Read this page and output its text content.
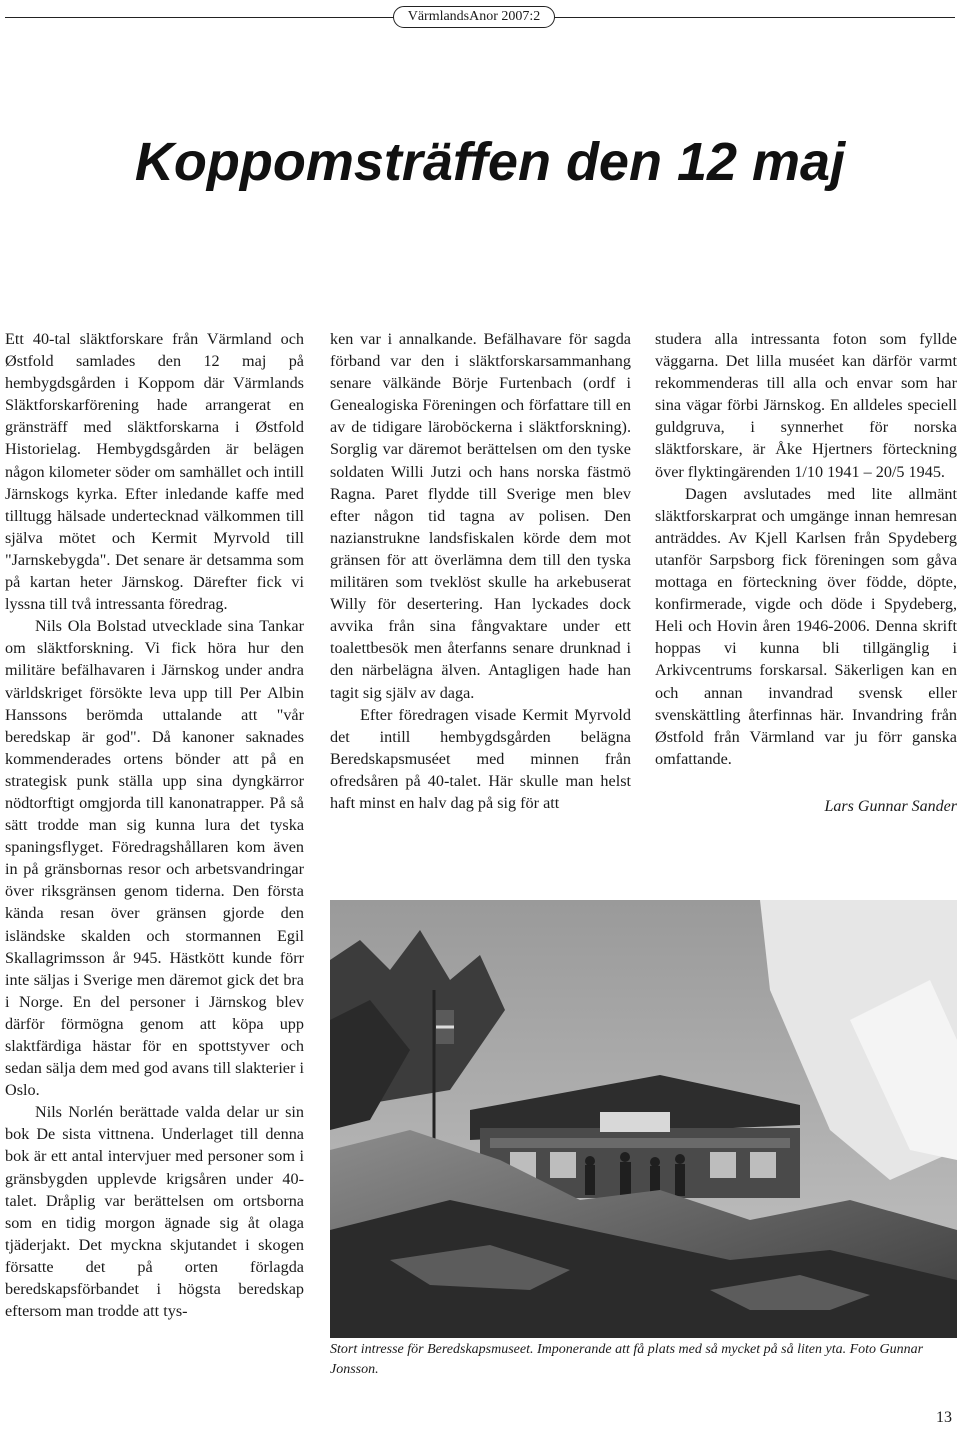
VärmlandsAnor 2007:2
Koppomsträffen den 12 maj

Ett 40-tal släktforskare från Värmland och Østfold samlades den 12 maj på hembygdsgården i Koppom där Värmlands Släktforskarförening hade arrangerat en gränsträff med släktforskarna i Østfold Historielag. Hembygdsgården är belägen någon kilometer söder om samhället och intill Järnskogs kyrka. Efter inledande kaffe med tilltugg hälsade undertecknad välkommen till själva mötet och Kermit Myrvold till "Jarnskebygda". Det senare är detsamma som på kartan heter Järnskog. Därefter fick vi lyssna till två intressanta föredrag.

Nils Ola Bolstad utvecklade sina Tankar om släktforskning. Vi fick höra hur den militäre befälhavaren i Järnskog under andra världskriget försökte leva upp till Per Albin Hanssons berömda uttalande att "vår beredskap är god". Då kanoner saknades kommenderades ortens bönder att på en strategisk punk ställa upp sina dyngkärror nödtorftigt omgjorda till kanonatrapper. På så sätt trodde man sig kunna lura det tyska spaningsflyget. Föredragshållaren kom även in på gränsbornas resor och arbetsvandringar över riksgränsen genom tiderna. Den första kända resan över gränsen gjorde den isländske skalden och stormannen Egil Skallagrimsson år 945. Hästkött kunde förr inte säljas i Sverige men däremot gick det bra i Norge. En del personer i Järnskog blev därför förmögna genom att köpa upp slaktfärdiga hästar för en spottstyver och sedan sälja dem med god avans till slakterier i Oslo.

Nils Norlén berättade valda delar ur sin bok De sista vittnena. Underlaget till denna bok är ett antal intervjuer med personer som i gränsbygden upplevde krigsåren under 40-talet. Dråplig var berättelsen om ortsborna som en tidig morgon ägnade sig åt olaga tjäderjakt. Det myckna skjutandet i skogen försatte det på orten förlagda beredskapsförbandet i högsta beredskap eftersom man trodde att tys-

ken var i annalkande. Befälhavare för sagda förband var den i släktforskarsammanhang senare välkände Börje Furtenbach (ordf i Genealogiska Föreningen och författare till en av de tidigare läroböckerna i släktforskning). Sorglig var däremot berättelsen om den tyske soldaten Willi Jutzi och hans norska fästmö Ragna. Paret flydde till Sverige men blev efter någon tid tagna av polisen. Den nazianstrukne landsfiskalen körde dem mot gränsen för att överlämna dem till den tyska militären som tveklöst skulle ha arkebuserat Willy för desertering. Han lyckades dock avvika från sina fångvaktare under ett toalettbesök men återfanns senare drunknad i den närbelägna älven. Antagligen hade han tagit sig själv av daga.

Efter föredragen visade Kermit Myrvold det intill hembygdsgården belägna Beredskapsmuséet med minnen från ofredsåren på 40-talet. Här skulle man helst haft minst en halv dag på sig för att

studera alla intressanta foton som fyllde väggarna. Det lilla muséet kan därför varmt rekommenderas till alla och envar som har sina vägar förbi Järnskog. En alldeles speciell guldgruva, i synnerhet för norska släktforskare, är Åke Hjertners förteckning över flyktingärenden 1/10 1941 – 20/5 1945.

Dagen avslutades med lite allmänt släktforskarprat och umgänge innan hemresan anträddes. Av Kjell Karlsen från Spydeberg utanför Sarpsborg fick föreningen som gåva mottaga en förteckning över födde, döpte, konfirmerade, vigde och döde i Spydeberg, Heli och Hovin åren 1946-2006. Denna skrift hoppas vi kunna bli tillgänglig i Arkivcentrums forskarsal. Säkerligen kan en och annan invandrad svensk eller svenskättling återfinnas här. Invandring från Østfold från Värmland var ju förr ganska omfattande.

Lars Gunnar Sander

Stort intresse för Beredskapsmuseet. Imponerande att få plats med så mycket på så liten yta. Foto Gunnar Jonsson.

13
